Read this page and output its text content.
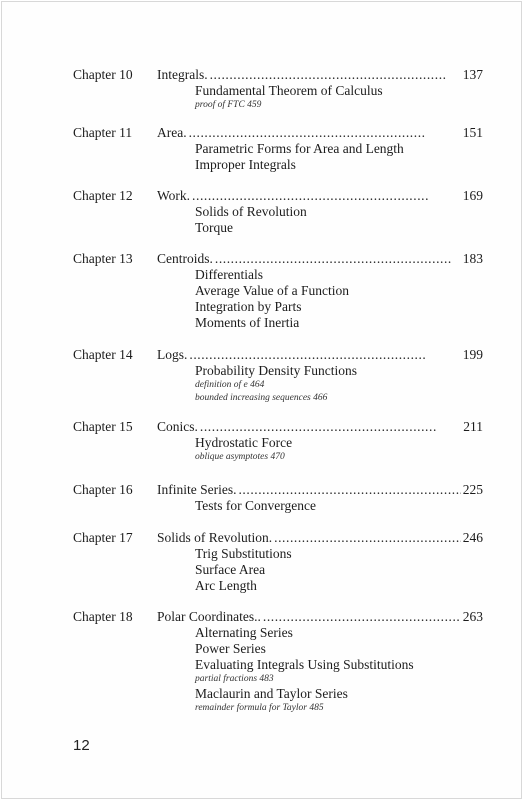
Chapter 10 Integrals. . . .	137
Fundamental Theorem of Calculus
proof of FTC 459
Chapter 11 Area. . . .	151
Parametric Forms for Area and Length
Improper Integrals
Chapter 12 Work. . . .	169
Solids of Revolution
Torque
Chapter 13 Centroids. . . .	183
Differentials
Average Value of a Function
Integration by Parts
Moments of Inertia
Chapter 14 Logs. . . .	199
Probability Density Functions
definition of e 464
bounded increasing sequences 466
Chapter 15 Conics. . . .	211
Hydrostatic Force
oblique asymptotes 470
Chapter 16 Infinite Series. . . .	225
Tests for Convergence
Chapter 17 Solids of Revolution. . . .	246
Trig Substitutions
Surface Area
Arc Length
Chapter 18 Polar Coordinates.. . . .	263
Alternating Series
Power Series
Evaluating Integrals Using Substitutions
partial fractions 483
Maclaurin and Taylor Series
remainder formula for Taylor 485
12
